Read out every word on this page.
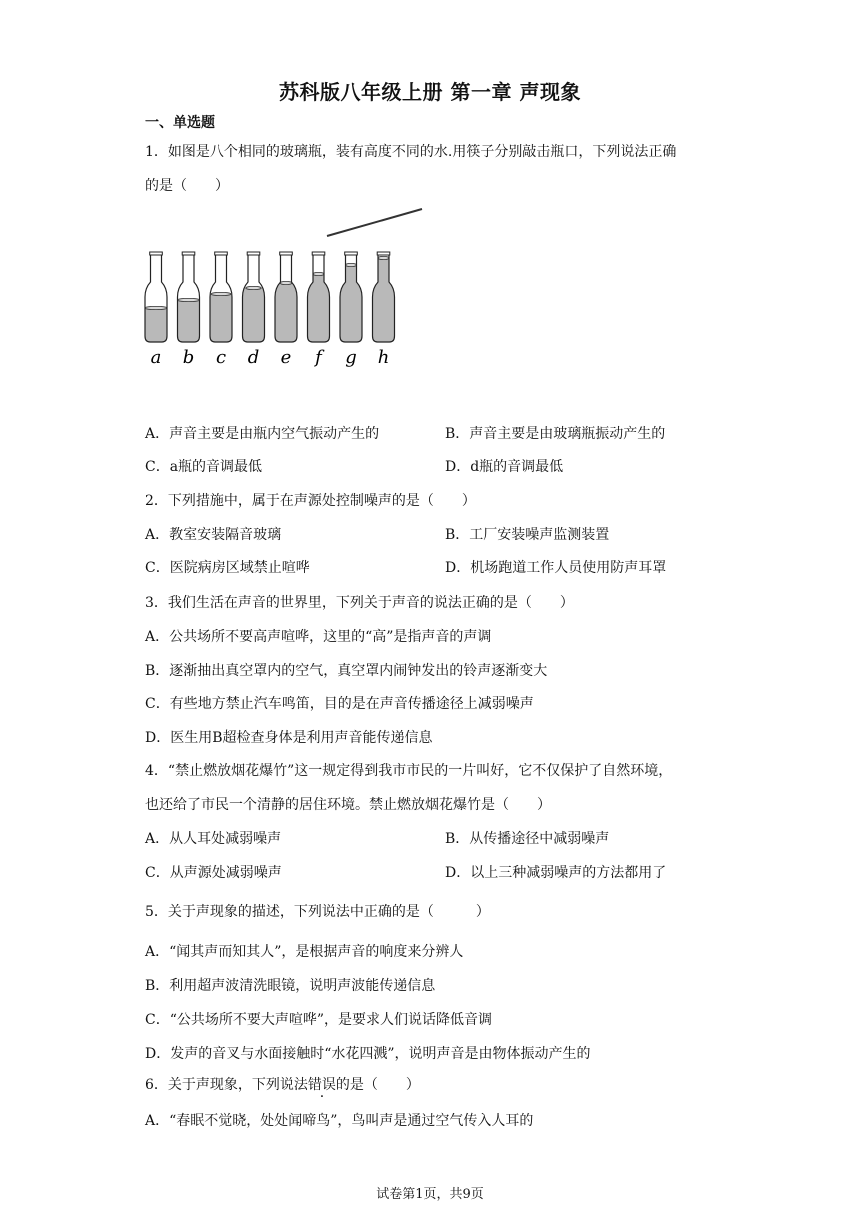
苏科版八年级上册 第一章 声现象
一、单选题
1．如图是八个相同的玻璃瓶，装有高度不同的水.用筷子分别敲击瓶口，下列说法正确
的是（　　）
a b c d e f g h
A．声音主要是由瓶内空气振动产生的	B．声音主要是由玻璃瓶振动产生的
C．a瓶的音调最低	D．d瓶的音调最低
2．下列措施中，属于在声源处控制噪声的是（　　）
A．教室安装隔音玻璃	B．工厂安装噪声监测装置
C．医院病房区域禁止喧哗	D．机场跑道工作人员使用防声耳罩
3．我们生活在声音的世界里，下列关于声音的说法正确的是（　　）
A．公共场所不要高声喧哗，这里的“高”是指声音的声调
B．逐渐抽出真空罩内的空气，真空罩内闹钟发出的铃声逐渐变大
C．有些地方禁止汽车鸣笛，目的是在声音传播途径上减弱噪声
D．医生用B超检查身体是利用声音能传递信息
4．“禁止燃放烟花爆竹”这一规定得到我市市民的一片叫好，它不仅保护了自然环境，
也还给了市民一个清静的居住环境。禁止燃放烟花爆竹是（　　）
A．从人耳处减弱噪声	B．从传播途径中减弱噪声
C．从声源处减弱噪声	D．以上三种减弱噪声的方法都用了
5．关于声现象的描述，下列说法中正确的是（　　　）
A．“闻其声而知其人”，是根据声音的响度来分辨人
B．利用超声波清洗眼镜，说明声波能传递信息
C．“公共场所不要大声喧哗”，是要求人们说话降低音调
D．发声的音叉与水面接触时“水花四溅”，说明声音是由物体振动产生的
6．关于声现象，下列说法错误的是（　　）
A．“春眠不觉晓，处处闻啼鸟”，鸟叫声是通过空气传入人耳的
试卷第1页，共9页
